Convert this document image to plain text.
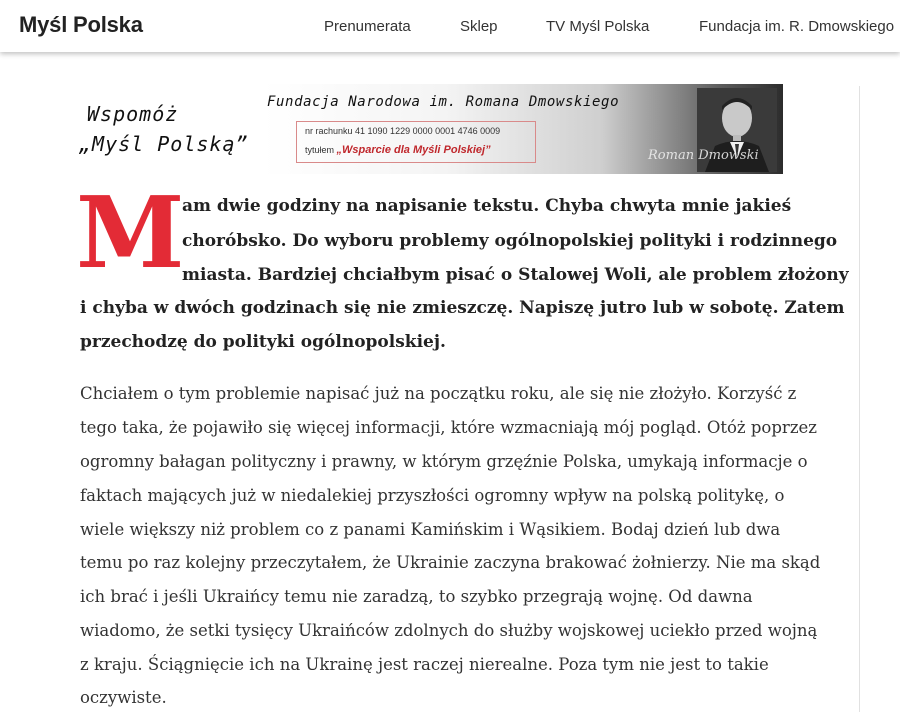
Myśl Polska	Prenumerata	Sklep	TV Myśl Polska	Fundacja im. R. Dmowskiego
Wspomóż
„Myśl Polską”
Fundacja Narodowa im. Romana Dmowskiego
nr rachunku 41 1090 1229 0000 0001 4746 0009
tytułem „Wsparcie dla Myśli Polskiej”	Roman Dmowski
M
am dwie godziny na napisanie tekstu. Chyba chwyta mnie jakieś
choróbsko. Do wyboru problemy ogólnopolskiej polityki i rodzinnego
miasta. Bardziej chciałbym pisać o Stalowej Woli, ale problem złożony
i chyba w dwóch godzinach się nie zmieszczę. Napiszę jutro lub w sobotę. Zatem
przechodzę do polityki ogólnopolskiej.
Chciałem o tym problemie napisać już na początku roku, ale się nie złożyło. Korzyść z
tego taka, że pojawiło się więcej informacji, które wzmacniają mój pogląd. Otóż poprzez
ogromny bałagan polityczny i prawny, w którym grzęźnie Polska, umykają informacje o
faktach mających już w niedalekiej przyszłości ogromny wpływ na polską politykę, o
wiele większy niż problem co z panami Kamińskim i Wąsikiem. Bodaj dzień lub dwa
temu po raz kolejny przeczytałem, że Ukrainie zaczyna brakować żołnierzy. Nie ma skąd
ich brać i jeśli Ukraińcy temu nie zaradzą, to szybko przegrają wojnę. Od dawna
wiadomo, że setki tysięcy Ukraińców zdolnych do służby wojskowej uciekło przed wojną
z kraju. Ściągnięcie ich na Ukrainę jest raczej nierealne. Poza tym nie jest to takie
oczywiste.
